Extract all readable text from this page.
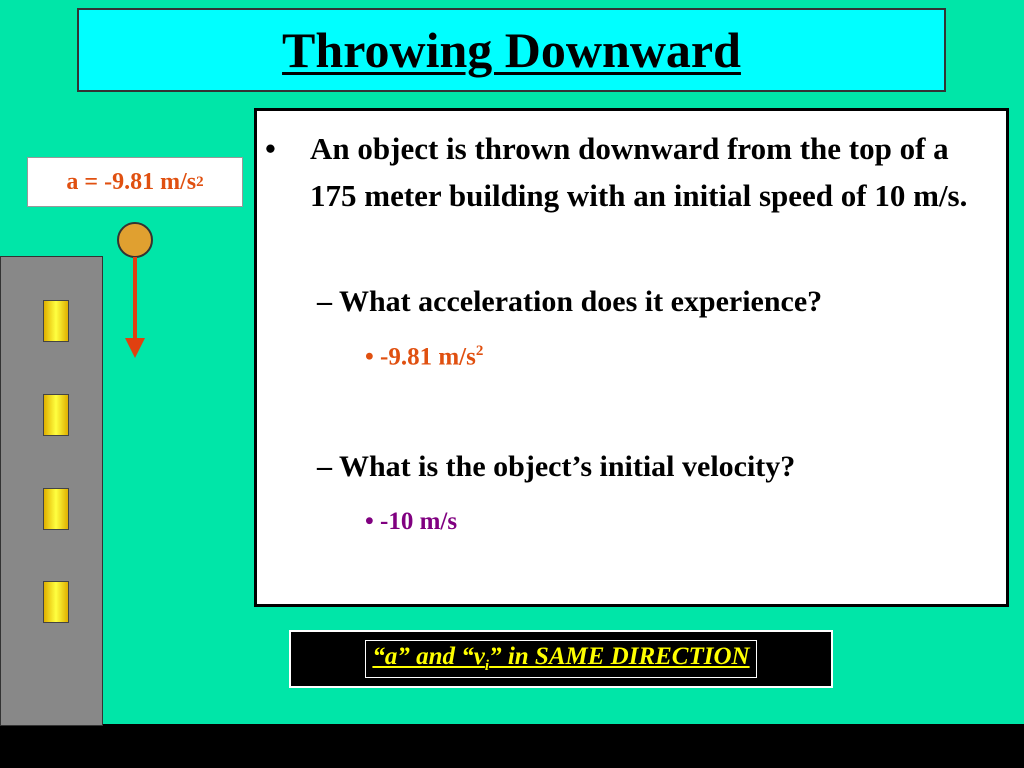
Throwing Downward
a = -9.81 m/s 2
•	An object is thrown downward from the top of a 175 meter building with an initial speed of 10 m/s.
– What acceleration does it experience?
• -9.81 $m/s^2$
– What is the object’s initial velocity?
• -10 m/s
“a” and “$v_i$” in SAME DIRECTION
